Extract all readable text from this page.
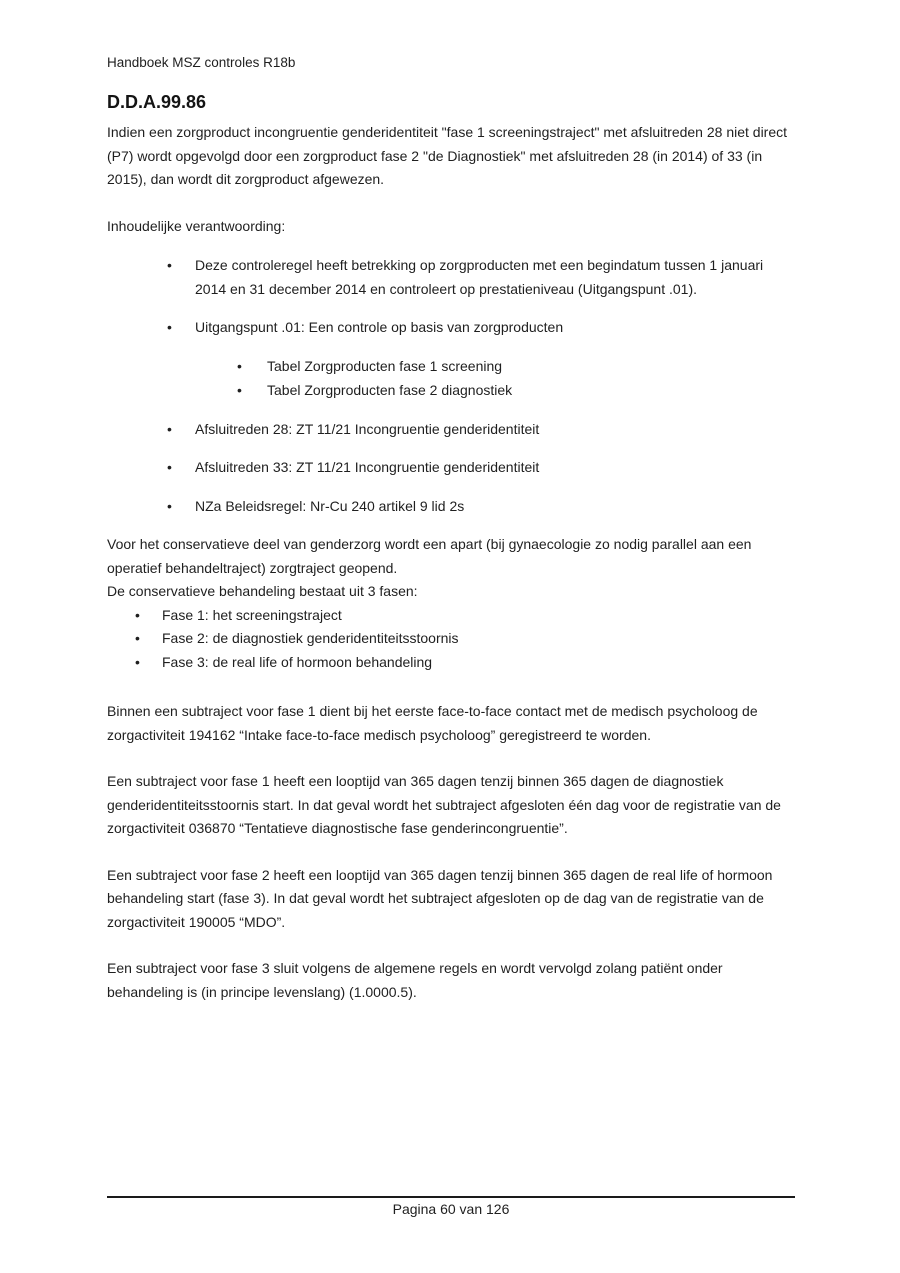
Handboek MSZ controles R18b
D.D.A.99.86

Indien een zorgproduct incongruentie genderidentiteit "fase 1 screeningstraject" met afsluitreden 28 niet direct (P7) wordt opgevolgd door een zorgproduct fase 2 "de Diagnostiek" met afsluitreden 28 (in 2014) of 33 (in 2015), dan wordt dit zorgproduct afgewezen.

Inhoudelijke verantwoording:

• Deze controleregel heeft betrekking op zorgproducten met een begindatum tussen 1 januari 2014 en 31 december 2014 en controleert op prestatieniveau (Uitgangspunt .01).
• Uitgangspunt .01: Een controle op basis van zorgproducten
• Tabel Zorgproducten fase 1 screening
• Tabel Zorgproducten fase 2 diagnostiek
• Afsluitreden 28: ZT 11/21 Incongruentie genderidentiteit
• Afsluitreden 33: ZT 11/21 Incongruentie genderidentiteit
• NZa Beleidsregel: Nr-Cu 240 artikel 9 lid 2s

Voor het conservatieve deel van genderzorg wordt een apart (bij gynaecologie zo nodig parallel aan een operatief behandeltraject) zorgtraject geopend.

De conservatieve behandeling bestaat uit 3 fasen:

• Fase 1: het screeningstraject
• Fase 2: de diagnostiek genderidentiteitsstoornis
• Fase 3: de real life of hormoon behandeling

Binnen een subtraject voor fase 1 dient bij het eerste face-to-face contact met de medisch psycholoog de zorgactiviteit 194162 “Intake face-to-face medisch psycholoog” geregistreerd te worden.

Een subtraject voor fase 1 heeft een looptijd van 365 dagen tenzij binnen 365 dagen de diagnostiek genderidentiteitsstoornis start. In dat geval wordt het subtraject afgesloten één dag voor de registratie van de zorgactiviteit 036870 “Tentatieve diagnostische fase genderincongruentie”.

Een subtraject voor fase 2 heeft een looptijd van 365 dagen tenzij binnen 365 dagen de real life of hormoon behandeling start (fase 3). In dat geval wordt het subtraject afgesloten op de dag van de registratie van de zorgactiviteit 190005 “MDO”.

Een subtraject voor fase 3 sluit volgens de algemene regels en wordt vervolgd zolang patiënt onder behandeling is (in principe levenslang) (1.0000.5).

Pagina 60 van 126
